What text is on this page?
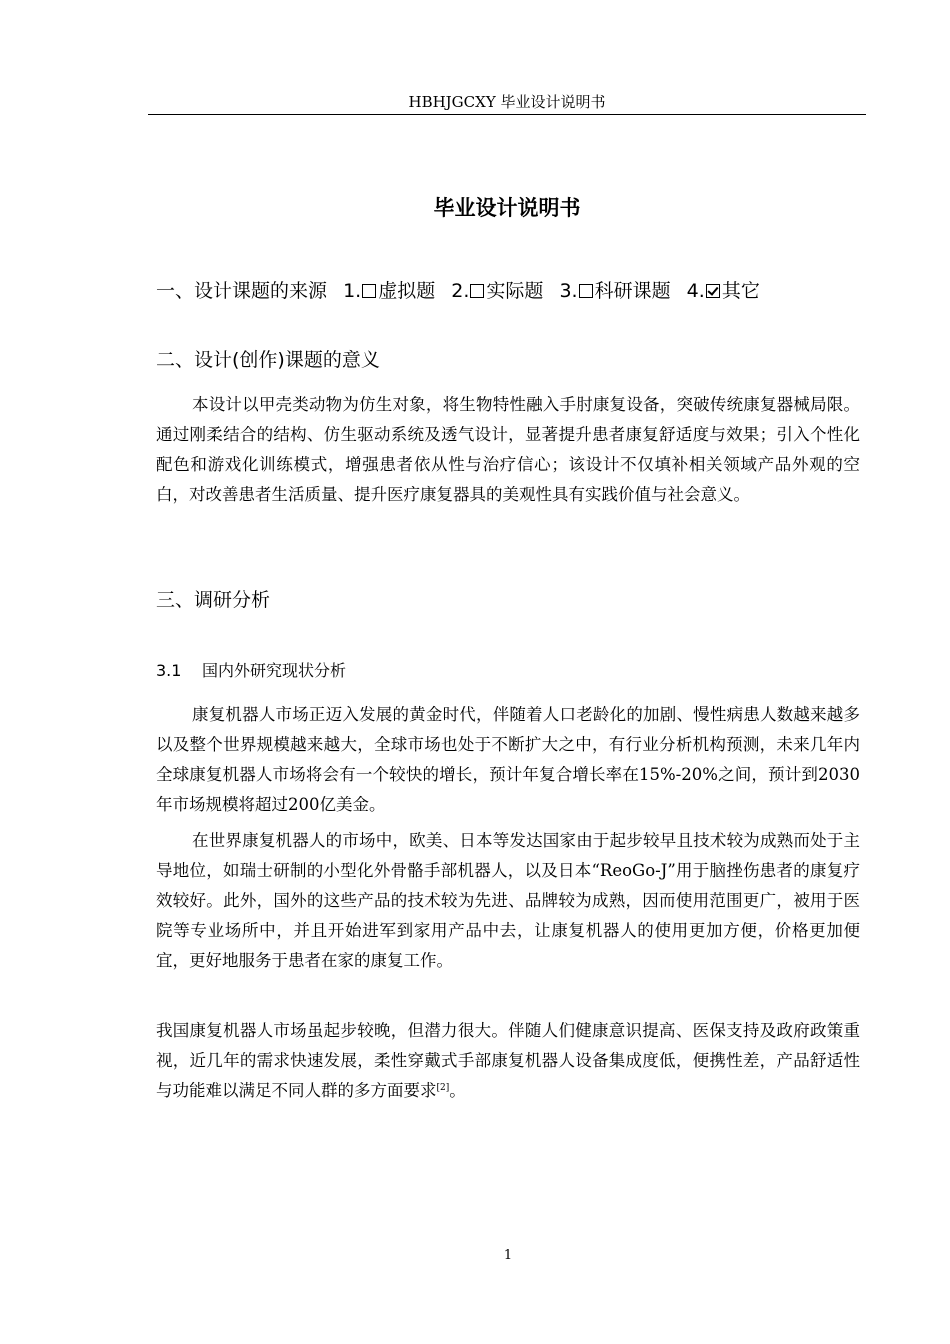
HBHJGCXY 毕业设计说明书
毕业设计说明书
一、设计课题的来源 1. 虚拟题 2. 实际题 3. 科研课题 4. 其它
二、设计(创作)课题的意义

本设计以甲壳类动物为仿生对象，将生物特性融入手肘康复设备，突破传统康复器械局限。通过刚柔结合的结构、仿生驱动系统及透气设计，显著提升患者康复舒适度与效果；引入个性化配色和游戏化训练模式，增强患者依从性与治疗信心；该设计不仅填补相关领域产品外观的空白，对改善患者生活质量、提升医疗康复器具的美观性具有实践价值与社会意义。

三、调研分析
3.1 国内外研究现状分析

康复机器人市场正迈入发展的黄金时代，伴随着人口老龄化的加剧、慢性病患人数越来越多以及整个世界规模越来越大，全球市场也处于不断扩大之中，有行业分析机构预测，未来几年内全球康复机器人市场将会有一个较快的增长，预计年复合增长率在15%-20%之间，预计到2030年市场规模将超过200亿美金。

在世界康复机器人的市场中，欧美、日本等发达国家由于起步较早且技术较为成熟而处于主导地位，如瑞士研制的小型化外骨骼手部机器人，以及日本“ReoGo-J”用于脑挫伤患者的康复疗效较好。此外，国外的这些产品的技术较为先进、品牌较为成熟，因而使用范围更广，被用于医院等专业场所中，并且开始进军到家用产品中去，让康复机器人的使用更加方便，价格更加便宜，更好地服务于患者在家的康复工作。

我国康复机器人市场虽起步较晚，但潜力很大。伴随人们健康意识提高、医保支持及政府政策重视，近几年的需求快速发展，柔性穿戴式手部康复机器人设备集成度低，便携性差，产品舒适性与功能难以满足不同人群的多方面要求[2]。

1
